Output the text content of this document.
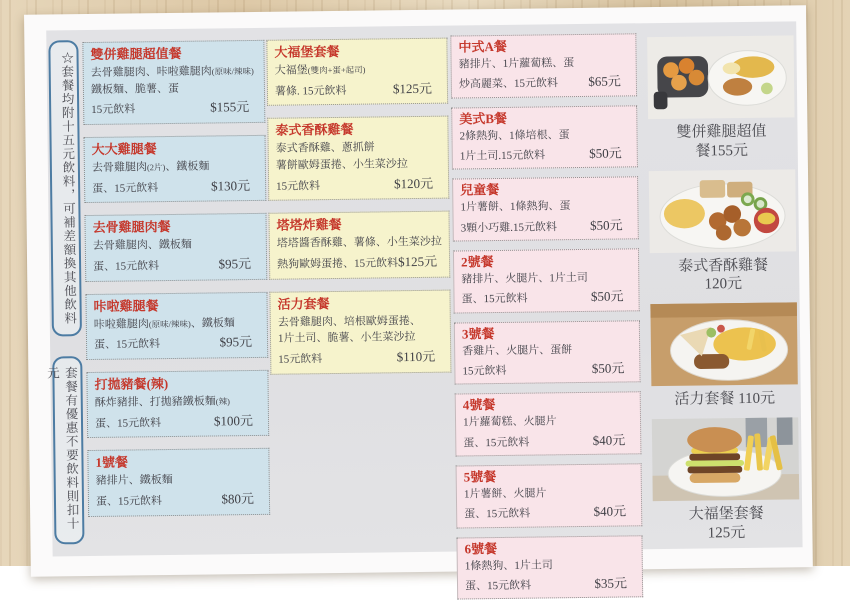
☆套餐均附十五元飲料，可補差額換其他飲料
套餐有優惠不要飲料則扣十元
雙併雞腿超值餐
去骨雞腿肉、咔啦雞腿肉(原味/辣味)
鐵板麵、脆薯、蛋
15元飲料	$155元
大大雞腿餐
去骨雞腿肉(2片)、鐵板麵
蛋、15元飲料	$130元
去骨雞腿肉餐
去骨雞腿肉、鐵板麵
蛋、15元飲料	$95元
咔啦雞腿餐
咔啦雞腿肉(原味/辣味)、鐵板麵
蛋、15元飲料	$95元
打拋豬餐(辣)
酥炸豬排、打拋豬鐵板麵(辣)
蛋、15元飲料	$100元
1號餐
豬排片、鐵板麵
蛋、15元飲料	$80元
大福堡套餐
大福堡(雙肉+蛋+起司)
薯條. 15元飲料	$125元
泰式香酥雞餐
泰式香酥雞、蔥抓餅
薯餅歐姆蛋捲、小生菜沙拉
15元飲料	$120元
塔塔炸雞餐
塔塔醬香酥雞、薯條、小生菜沙拉
熱狗歐姆蛋捲、15元飲料 $125元
活力套餐
去骨雞腿肉、培根歐姆蛋捲、
1片土司、脆薯、小生菜沙拉
15元飲料	$110元
中式A餐
豬排片、1片蘿蔔糕、蛋
炒高麗菜、15元飲料 $65元
美式B餐
2條熱狗、1條培根、蛋
1片土司.15元飲料	$50元
兒童餐
1片薯餅、1條熱狗、蛋
3顆小巧雞.15元飲料	$50元
2號餐
豬排片、火腿片、1片土司
蛋、15元飲料	$50元
3號餐
香雞片、火腿片、蛋餅
15元飲料	$50元
4號餐
1片蘿蔔糕、火腿片
蛋、15元飲料	$40元
5號餐
1片薯餅、火腿片
蛋、15元飲料	$40元
6號餐
1條熱狗、1片土司
蛋、15元飲料	$35元
雙併雞腿超值
餐155元
泰式香酥雞餐
120元
活力套餐 110元
大福堡套餐
125元
